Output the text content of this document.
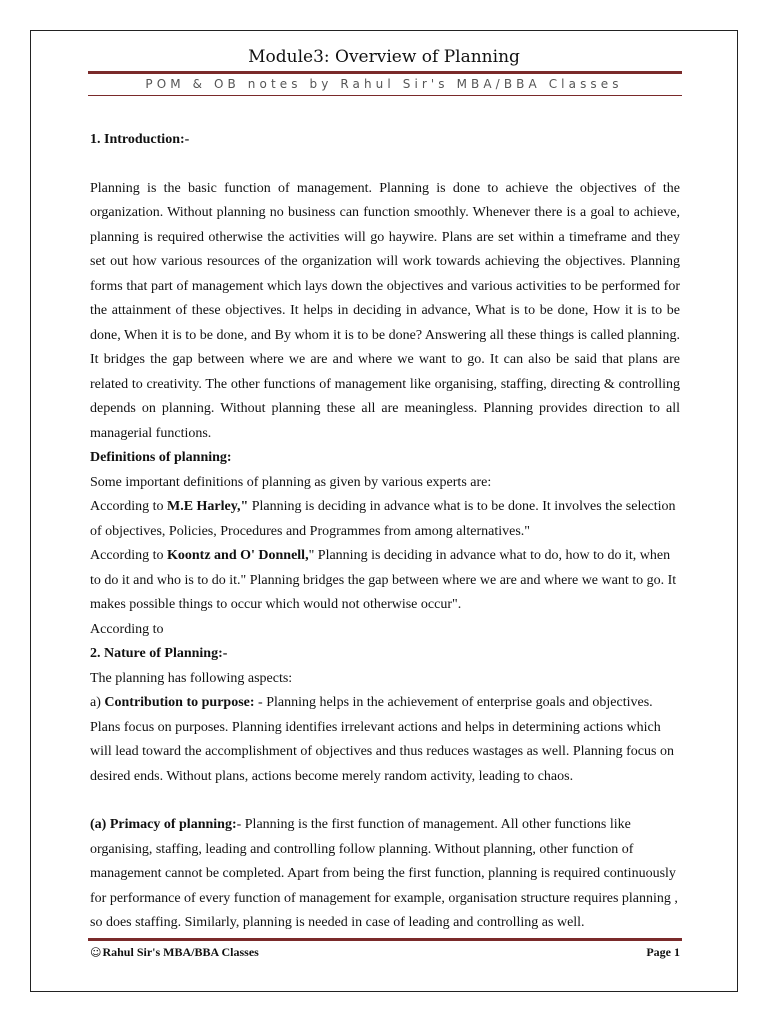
Module3: Overview of Planning
POM & OB notes by Rahul Sir's MBA/BBA Classes

1. Introduction:-

Planning is the basic function of management. Planning is done to achieve the objectives of the organization. Without planning no business can function smoothly. Whenever there is a goal to achieve, planning is required otherwise the activities will go haywire. Plans are set within a timeframe and they set out how various resources of the organization will work towards achieving the objectives. Planning forms that part of management which lays down the objectives and various activities to be performed for the attainment of these objectives. It helps in deciding in advance, What is to be done, How it is to be done, When it is to be done, and By whom it is to be done? Answering all these things is called planning. It bridges the gap between where we are and where we want to go. It can also be said that plans are related to creativity. The other functions of management like organising, staffing, directing & controlling depends on planning. Without planning these all are meaningless. Planning provides direction to all managerial functions.

Definitions of planning:

Some important definitions of planning as given by various experts are:

According to M.E Harley," Planning is deciding in advance what is to be done. It involves the selection of objectives, Policies, Procedures and Programmes from among alternatives."

According to Koontz and O' Donnell," Planning is deciding in advance what to do, how to do it, when to do it and who is to do it." Planning bridges the gap between where we are and where we want to go. It makes possible things to occur which would not otherwise occur".

According to

2. Nature of Planning:-

The planning has following aspects:

a) Contribution to purpose: - Planning helps in the achievement of enterprise goals and objectives. Plans focus on purposes. Planning identifies irrelevant actions and helps in determining actions which will lead toward the accomplishment of objectives and thus reduces wastages as well. Planning focus on desired ends. Without plans, actions become merely random activity, leading to chaos.

(a) Primacy of planning:- Planning is the first function of management. All other functions like organising, staffing, leading and controlling follow planning. Without planning, other function of management cannot be completed. Apart from being the first function, planning is required continuously for performance of every function of management for example, organisation structure requires planning , so does staffing. Similarly, planning is needed in case of leading and controlling as well.

☺Rahul Sir's MBA/BBA Classes	Page 1
